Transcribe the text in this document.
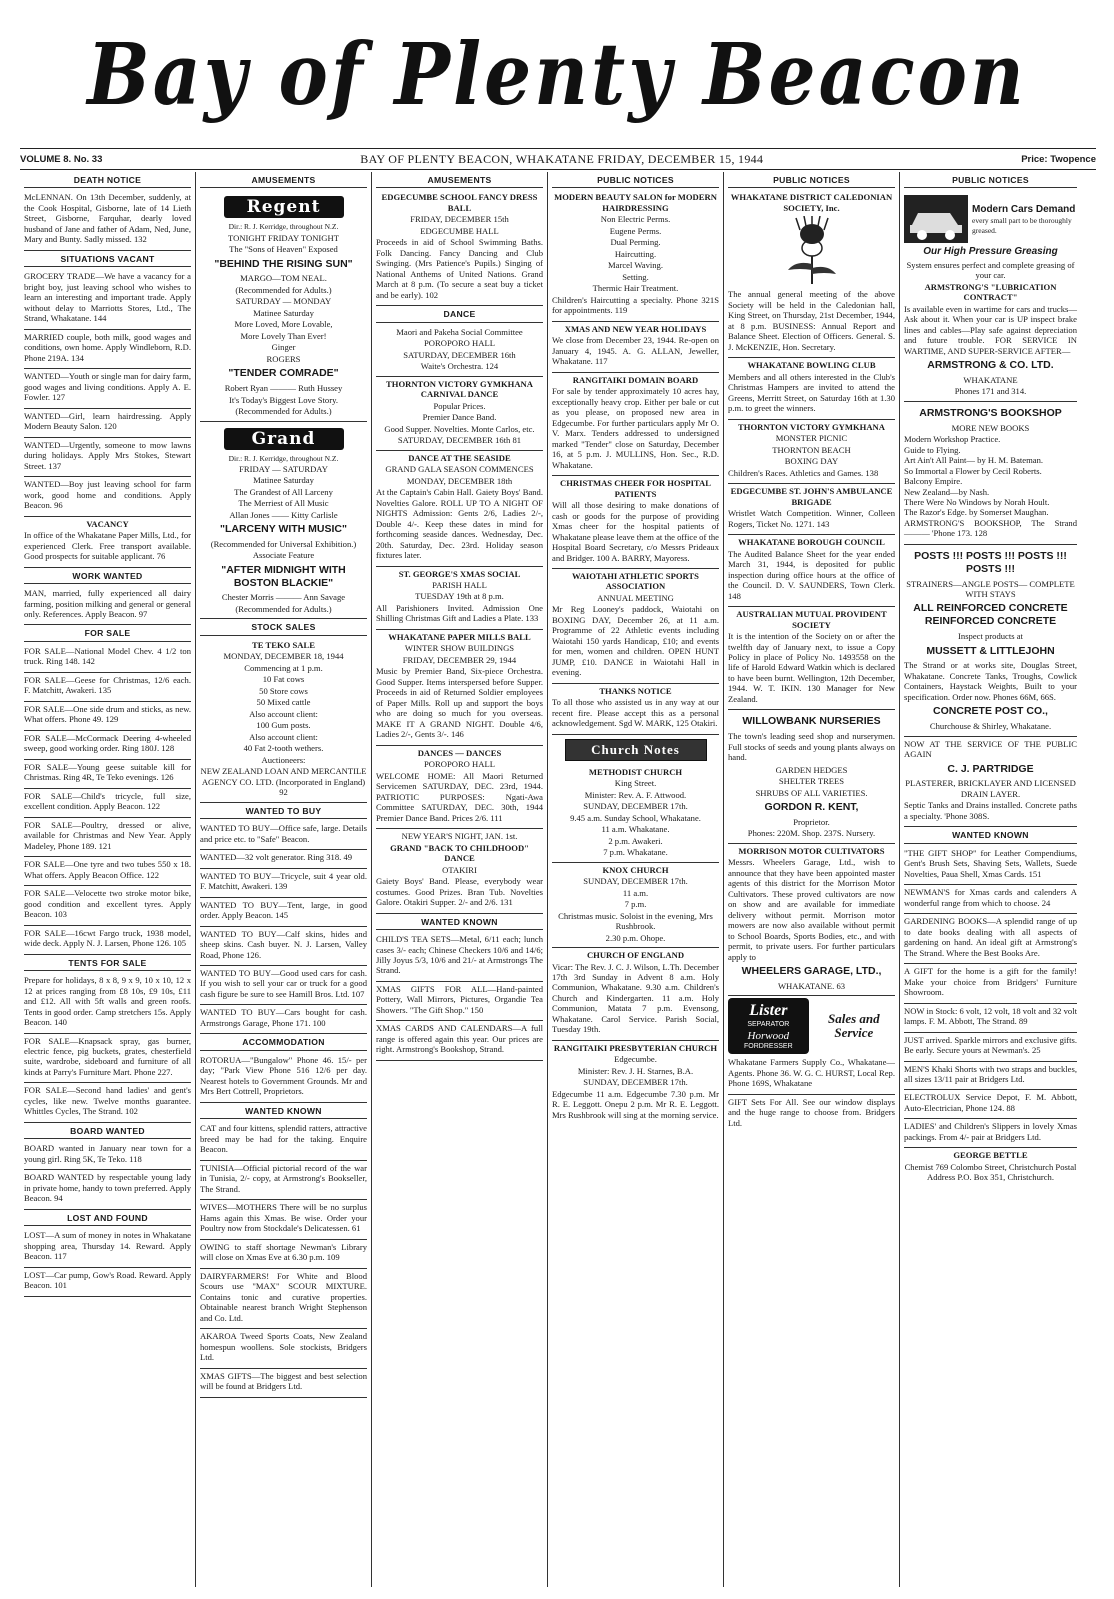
Bay of Plenty Beacon
VOLUME 8. No. 33	BAY OF PLENTY BEACON, WHAKATANE FRIDAY, DECEMBER 15, 1944	Price: Twopence
DEATH NOTICE

McLENNAN. On 13th December, suddenly, at the Cook Hospital, Gisborne, late of 14 Lieth Street, Gisborne, Farquhar, dearly loved husband of Jane and father of Adam, Ned, June, Mary and Bunty. Sadly missed. 132

SITUATIONS VACANT

GROCERY TRADE—We have a vacancy for a bright boy, just leaving school who wishes to learn an interesting and important trade. Apply without delay to Marriotts Stores, Ltd., The Strand, Whakatane. 144

MARRIED couple, both milk, good wages and conditions, own home. Apply Windleborn, R.D. Phone 219A. 134

WANTED—Youth or single man for dairy farm, good wages and living conditions. Apply A. E. Fowler. 127

WANTED—Girl, learn hairdressing. Apply Modern Beauty Salon. 120

WANTED—Urgently, someone to mow lawns during holidays. Apply Mrs Stokes, Stewart Street. 137

WANTED—Boy just leaving school for farm work, good home and conditions. Apply Beacon. 96

VACANCY

In office of the Whakatane Paper Mills, Ltd., for experienced Clerk. Free transport available. Good prospects for suitable applicant. 76

WORK WANTED

MAN, married, fully experienced all dairy farming, position milking and general or general only. References. Apply Beacon. 97

FOR SALE

FOR SALE—National Model Chev. 4 1/2 ton truck. Ring 148. 142

FOR SALE—Geese for Christmas, 12/6 each. F. Matchitt, Awakeri. 135

FOR SALE—One side drum and sticks, as new. What offers. Phone 49. 129

FOR SALE—McCormack Deering 4-wheeled sweep, good working order. Ring 180J. 128

FOR SALE—Young geese suitable kill for Christmas. Ring 4R, Te Teko evenings. 126

FOR SALE—Child's tricycle, full size, excellent condition. Apply Beacon. 122

FOR SALE—Poultry, dressed or alive, available for Christmas and New Year. Apply Madeley, Phone 189. 121

FOR SALE—One tyre and two tubes 550 x 18. What offers. Apply Beacon Office. 122

FOR SALE—Velocette two stroke motor bike, good condition and excellent tyres. Apply Beacon. 103

FOR SALE—16cwt Fargo truck, 1938 model, wide deck. Apply N. J. Larsen, Phone 126. 105

TENTS FOR SALE

Prepare for holidays, 8 x 8, 9 x 9, 10 x 10, 12 x 12 at prices ranging from £8 10s, £9 10s, £11 and £12. All with 5ft walls and green roofs. Tents in good order. Camp stretchers 15s. Apply Beacon. 140

FOR SALE—Knapsack spray, gas burner, electric fence, pig buckets, grates, chesterfield suite, wardrobe, sideboard and furniture of all kinds at Parry's Furniture Mart. Phone 227.

FOR SALE—Second hand ladies' and gent's cycles, like new. Twelve months guarantee. Whittles Cycles, The Strand. 102

BOARD WANTED

BOARD wanted in January near town for a young girl. Ring 5K, Te Teko. 118

BOARD WANTED by respectable young lady in private home, handy to town preferred. Apply Beacon. 94

LOST AND FOUND

LOST—A sum of money in notes in Whakatane shopping area, Thursday 14. Reward. Apply Beacon. 117

LOST—Car pump, Gow's Road. Reward. Apply Beacon. 101

AMUSEMENTS
Regent
Dir.: R. J. Kerridge, throughout N.Z.
TONIGHT FRIDAY TONIGHT
The "Sons of Heaven" Exposed
"BEHIND THE RISING SUN"
MARGO—TOM NEAL.
(Recommended for Adults.)
SATURDAY — MONDAY
Matinee Saturday
More Loved, More Lovable,
More Lovely Than Ever!
Ginger
ROGERS
"TENDER COMRADE"
Robert Ryan ——— Ruth Hussey
It's Today's Biggest Love Story.
(Recommended for Adults.)
Grand
Dir.: R. J. Kerridge, throughout N.Z.
FRIDAY — SATURDAY
Matinee Saturday
The Grandest of All Larceny
The Merriest of All Music
Allan Jones —— Kitty Carlisle
"LARCENY WITH MUSIC"
(Recommended for Universal Exhibition.)
Associate Feature
"AFTER MIDNIGHT WITH BOSTON BLACKIE"
Chester Morris ——— Ann Savage
(Recommended for Adults.)
STOCK SALES
TE TEKO SALE
MONDAY, DECEMBER 18, 1944
Commencing at 1 p.m.
10 Fat cows
50 Store cows
50 Mixed cattle
Also account client:
100 Gum posts.
Also account client:
40 Fat 2-tooth wethers.
Auctioneers:
NEW ZEALAND LOAN AND MERCANTILE AGENCY CO. LTD. (Incorporated in England) 92
WANTED TO BUY

WANTED TO BUY—Office safe, large. Details and price etc. to "Safe" Beacon.

WANTED—32 volt generator. Ring 318. 49

WANTED TO BUY—Tricycle, suit 4 year old. F. Matchitt, Awakeri. 139

WANTED TO BUY—Tent, large, in good order. Apply Beacon. 145

WANTED TO BUY—Calf skins, hides and sheep skins. Cash buyer. N. J. Larsen, Valley Road, Phone 126.

WANTED TO BUY—Good used cars for cash. If you wish to sell your car or truck for a good cash figure be sure to see Hamill Bros. Ltd. 107

WANTED TO BUY—Cars bought for cash. Armstrongs Garage, Phone 171. 100

ACCOMMODATION

ROTORUA—"Bungalow" Phone 46. 15/- per day; "Park View Phone 516 12/6 per day. Nearest hotels to Government Grounds. Mr and Mrs Bert Cottrell, Proprietors.

WANTED KNOWN

CAT and four kittens, splendid ratters, attractive breed may be had for the taking. Enquire Beacon.

TUNISIA—Official pictorial record of the war in Tunisia, 2/- copy, at Armstrong's Bookseller, The Strand.

WIVES—MOTHERS There will be no surplus Hams again this Xmas. Be wise. Order your Poultry now from Stockdale's Delicatessen. 61

OWING to staff shortage Newman's Library will close on Xmas Eve at 6.30 p.m. 109

DAIRYFARMERS! For White and Blood Scours use "MAX" SCOUR MIXTURE. Contains tonic and curative properties. Obtainable nearest branch Wright Stephenson and Co. Ltd.

AKAROA Tweed Sports Coats, New Zealand homespun woollens. Sole stockists, Bridgers Ltd.

XMAS GIFTS—The biggest and best selection will be found at Bridgers Ltd.

AMUSEMENTS
EDGECUMBE SCHOOL FANCY DRESS BALL
FRIDAY, DECEMBER 15th
EDGECUMBE HALL

Proceeds in aid of School Swimming Baths. Folk Dancing. Fancy Dancing and Club Swinging. (Mrs Patience's Pupils.) Singing of National Anthems of United Nations. Grand March at 8 p.m. (To secure a seat buy a ticket and be early). 102

DANCE
Maori and Pakeha Social Committee
POROPORO HALL
SATURDAY, DECEMBER 16th
Waite's Orchestra. 124
THORNTON VICTORY GYMKHANA CARNIVAL DANCE
Popular Prices.
Premier Dance Band.
Good Supper. Novelties. Monte Carlos, etc.
SATURDAY, DECEMBER 16th 81
DANCE AT THE SEASIDE
GRAND GALA SEASON COMMENCES
MONDAY, DECEMBER 18th

At the Captain's Cabin Hall. Gaiety Boys' Band. Novelties Galore. ROLL UP TO A NIGHT OF NIGHTS Admission: Gents 2/6, Ladies 2/-, Double 4/-. Keep these dates in mind for forthcoming seaside dances. Wednesday, Dec. 20th. Saturday, Dec. 23rd. Holiday season fixtures later.

ST. GEORGE'S XMAS SOCIAL
PARISH HALL
TUESDAY 19th at 8 p.m.

All Parishioners Invited. Admission One Shilling Christmas Gift and Ladies a Plate. 133

WHAKATANE PAPER MILLS BALL
WINTER SHOW BUILDINGS
FRIDAY, DECEMBER 29, 1944

Music by Premier Band, Six-piece Orchestra. Good Supper. Items interspersed before Supper. Proceeds in aid of Returned Soldier employees of Paper Mills. Roll up and support the boys who are doing so much for you overseas. MAKE IT A GRAND NIGHT. Double 4/6, Ladies 2/-, Gents 3/-. 146

DANCES — DANCES
POROPORO HALL

WELCOME HOME: All Maori Returned Servicemen SATURDAY, DEC. 23rd, 1944. PATRIOTIC PURPOSES: Ngati-Awa Committee SATURDAY, DEC. 30th, 1944 Premier Dance Band. Prices 2/6. 111

NEW YEAR'S NIGHT, JAN. 1st.
GRAND "BACK TO CHILDHOOD" DANCE
OTAKIRI

Gaiety Boys' Band. Please, everybody wear costumes. Good Prizes. Bran Tub. Novelties Galore. Otakiri Supper. 2/- and 2/6. 131

WANTED KNOWN

CHILD'S TEA SETS—Metal, 6/11 each; lunch cases 3/- each; Chinese Checkers 10/6 and 14/6; Jilly Joyus 5/3, 10/6 and 21/- at Armstrongs The Strand.

XMAS GIFTS FOR ALL—Hand-painted Pottery, Wall Mirrors, Pictures, Organdie Tea Showers. "The Gift Shop." 150

XMAS CARDS AND CALENDARS—A full range is offered again this year. Our prices are right. Armstrong's Bookshop, Strand.

PUBLIC NOTICES
MODERN BEAUTY SALON for MODERN HAIRDRESSING
Non Electric Perms.
Eugene Perms.
Dual Perming.
Haircutting.
Marcel Waving.
Setting.
Thermic Hair Treatment.

Children's Haircutting a specialty. Phone 321S for appointments. 119

XMAS AND NEW YEAR HOLIDAYS

We close from December 23, 1944. Re-open on January 4, 1945. A. G. ALLAN, Jeweller, Whakatane. 117

RANGITAIKI DOMAIN BOARD

For sale by tender approximately 10 acres hay, exceptionally heavy crop. Either per bale or cut as you please, on proposed new area in Edgecumbe. For further particulars apply Mr O. V. Marx. Tenders addressed to undersigned marked "Tender" close on Saturday, December 16, at 5 p.m. J. MULLINS, Hon. Sec., R.D. Whakatane.

CHRISTMAS CHEER FOR HOSPITAL PATIENTS

Will all those desiring to make donations of cash or goods for the purpose of providing Xmas cheer for the hospital patients of Whakatane please leave them at the office of the Hospital Board Secretary, c/o Messrs Prideaux and Bridger. 100 A. BARRY, Mayoress.

WAIOTAHI ATHLETIC SPORTS ASSOCIATION
ANNUAL MEETING

Mr Reg Looney's paddock, Waiotahi on BOXING DAY, December 26, at 11 a.m. Programme of 22 Athletic events including Waiotahi 150 yards Handicap, £10; and events for men, women and children. OPEN HUNT JUMP, £10. DANCE in Waiotahi Hall in evening.

THANKS NOTICE

To all those who assisted us in any way at our recent fire. Please accept this as a personal acknowledgement. Sgd W. MARK, 125 Otakiri.

Church Notes
METHODIST CHURCH
King Street.
Minister: Rev. A. F. Attwood.
SUNDAY, DECEMBER 17th.
9.45 a.m. Sunday School, Whakatane.
11 a.m. Whakatane.
2 p.m. Awakeri.
7 p.m. Whakatane.
KNOX CHURCH
SUNDAY, DECEMBER 17th.
11 a.m.
7 p.m.
Christmas music. Soloist in the evening, Mrs Rushbrook.
2.30 p.m. Ohope.
CHURCH OF ENGLAND

Vicar: The Rev. J. C. J. Wilson, L.Th. December 17th 3rd Sunday in Advent 8 a.m. Holy Communion, Whakatane. 9.30 a.m. Children's Church and Kindergarten. 11 a.m. Holy Communion, Matata 7 p.m. Evensong, Whakatane. Carol Service. Parish Social, Tuesday 19th.

RANGITAIKI PRESBYTERIAN CHURCH
Edgecumbe.
Minister: Rev. J. H. Starnes, B.A.
SUNDAY, DECEMBER 17th.

Edgecumbe 11 a.m. Edgecumbe 7.30 p.m. Mr R. E. Leggott. Onepu 2 p.m. Mr R. E. Leggott. Mrs Rushbrook will sing at the morning service.

PUBLIC NOTICES
WHAKATANE DISTRICT CALEDONIAN SOCIETY, Inc.

The annual general meeting of the above Society will be held in the Caledonian hall, King Street, on Thursday, 21st December, 1944, at 8 p.m. BUSINESS: Annual Report and Balance Sheet. Election of Officers. General. S. J. McKENZIE, Hon. Secretary.

WHAKATANE BOWLING CLUB

Members and all others interested in the Club's Christmas Hampers are invited to attend the Greens, Merritt Street, on Saturday 16th at 1.30 p.m. to greet the winners.

THORNTON VICTORY GYMKHANA
MONSTER PICNIC
THORNTON BEACH
BOXING DAY

Children's Races. Athletics and Games. 138

EDGECUMBE ST. JOHN'S AMBULANCE BRIGADE

Wristlet Watch Competition. Winner, Colleen Rogers, Ticket No. 1271. 143

WHAKATANE BOROUGH COUNCIL

The Audited Balance Sheet for the year ended March 31, 1944, is deposited for public inspection during office hours at the office of the Council. D. V. SAUNDERS, Town Clerk. 148

AUSTRALIAN MUTUAL PROVIDENT SOCIETY

It is the intention of the Society on or after the twelfth day of January next, to issue a Copy Policy in place of Policy No. 1493558 on the life of Harold Edward Watkin which is declared to have been burnt. Wellington, 12th December, 1944. W. T. IKIN. 130 Manager for New Zealand.

WILLOWBANK NURSERIES

The town's leading seed shop and nurserymen. Full stocks of seeds and young plants always on hand.

GARDEN HEDGES
SHELTER TREES
SHRUBS OF ALL VARIETIES.
GORDON R. KENT,
Proprietor.
Phones: 220M. Shop. 237S. Nursery.
MORRISON MOTOR CULTIVATORS

Messrs. Wheelers Garage, Ltd., wish to announce that they have been appointed master agents of this district for the Morrison Motor Cultivators. These proved cultivators are now on show and are available for immediate delivery without permit. Morrison motor mowers are now also available without permit to School Boards, Sports Bodies, etc., and with permit, to private users. For further particulars apply to

WHEELERS GARAGE, LTD.,
WHAKATANE. 63
Lister
SEPARATOR
Horwood
FORDRESSER
Sales and Service

Whakatane Farmers Supply Co., Whakatane—Agents. Phone 36. W. G. C. HURST, Local Rep. Phone 169S, Whakatane

GIFT Sets For All. See our window displays and the huge range to choose from. Bridgers Ltd.

PUBLIC NOTICES
Modern Cars Demand
every small part to be thoroughly greased.
Our High Pressure Greasing
System ensures perfect and complete greasing of your car.
ARMSTRONG'S "LUBRICATION CONTRACT"

Is available even in wartime for cars and trucks—Ask about it. When your car is UP inspect brake lines and cables—Play safe against depreciation and future trouble. FOR SERVICE IN WARTIME, AND SUPER-SERVICE AFTER—

ARMSTRONG & CO. LTD.
WHAKATANE
Phones 171 and 314.
ARMSTRONG'S BOOKSHOP
MORE NEW BOOKS
Modern Workshop Practice.
Guide to Flying.
Art Ain't All Paint— by H. M. Bateman.
So Immortal a Flower by Cecil Roberts.
Balcony Empire.
New Zealand—by Nash.
There Were No Windows by Norah Hoult.
The Razor's Edge. by Somerset Maughan.

ARMSTRONG'S BOOKSHOP, The Strand ——— 'Phone 173. 128

POSTS !!! POSTS !!! POSTS !!! POSTS !!!
STRAINERS—ANGLE POSTS— COMPLETE WITH STAYS
ALL REINFORCED CONCRETE REINFORCED CONCRETE
Inspect products at
MUSSETT & LITTLEJOHN

The Strand or at works site, Douglas Street, Whakatane. Concrete Tanks, Troughs, Cowlick Containers, Haystack Weights, Built to your specification. Order now. Phones 66M, 66S.

CONCRETE POST CO.,
Churchouse & Shirley, Whakatane.

NOW AT THE SERVICE OF THE PUBLIC AGAIN

C. J. PARTRIDGE
PLASTERER, BRICKLAYER AND LICENSED DRAIN LAYER.

Septic Tanks and Drains installed. Concrete paths a specialty. 'Phone 308S.

WANTED KNOWN

"THE GIFT SHOP" for Leather Compendiums, Gent's Brush Sets, Shaving Sets, Wallets, Suede Novelties, Paua Shell, Xmas Cards. 151

NEWMAN'S for Xmas cards and calenders A wonderful range from which to choose. 24

GARDENING BOOKS—A splendid range of up to date books dealing with all aspects of gardening on hand. An ideal gift at Armstrong's The Strand. Where the Best Books Are.

A GIFT for the home is a gift for the family! Make your choice from Bridgers' Furniture Showroom.

NOW in Stock: 6 volt, 12 volt, 18 volt and 32 volt lamps. F. M. Abbott, The Strand. 89

JUST arrived. Sparkle mirrors and exclusive gifts. Be early. Secure yours at Newman's. 25

MEN'S Khaki Shorts with two straps and buckles, all sizes 13/11 pair at Bridgers Ltd.

ELECTROLUX Service Depot, F. M. Abbott, Auto-Electrician, Phone 124. 88

LADIES' and Children's Slippers in lovely Xmas packings. From 4/- pair at Bridgers Ltd.

GEORGE BETTLE

Chemist 769 Colombo Street, Christchurch Postal Address P.O. Box 351, Christchurch.
